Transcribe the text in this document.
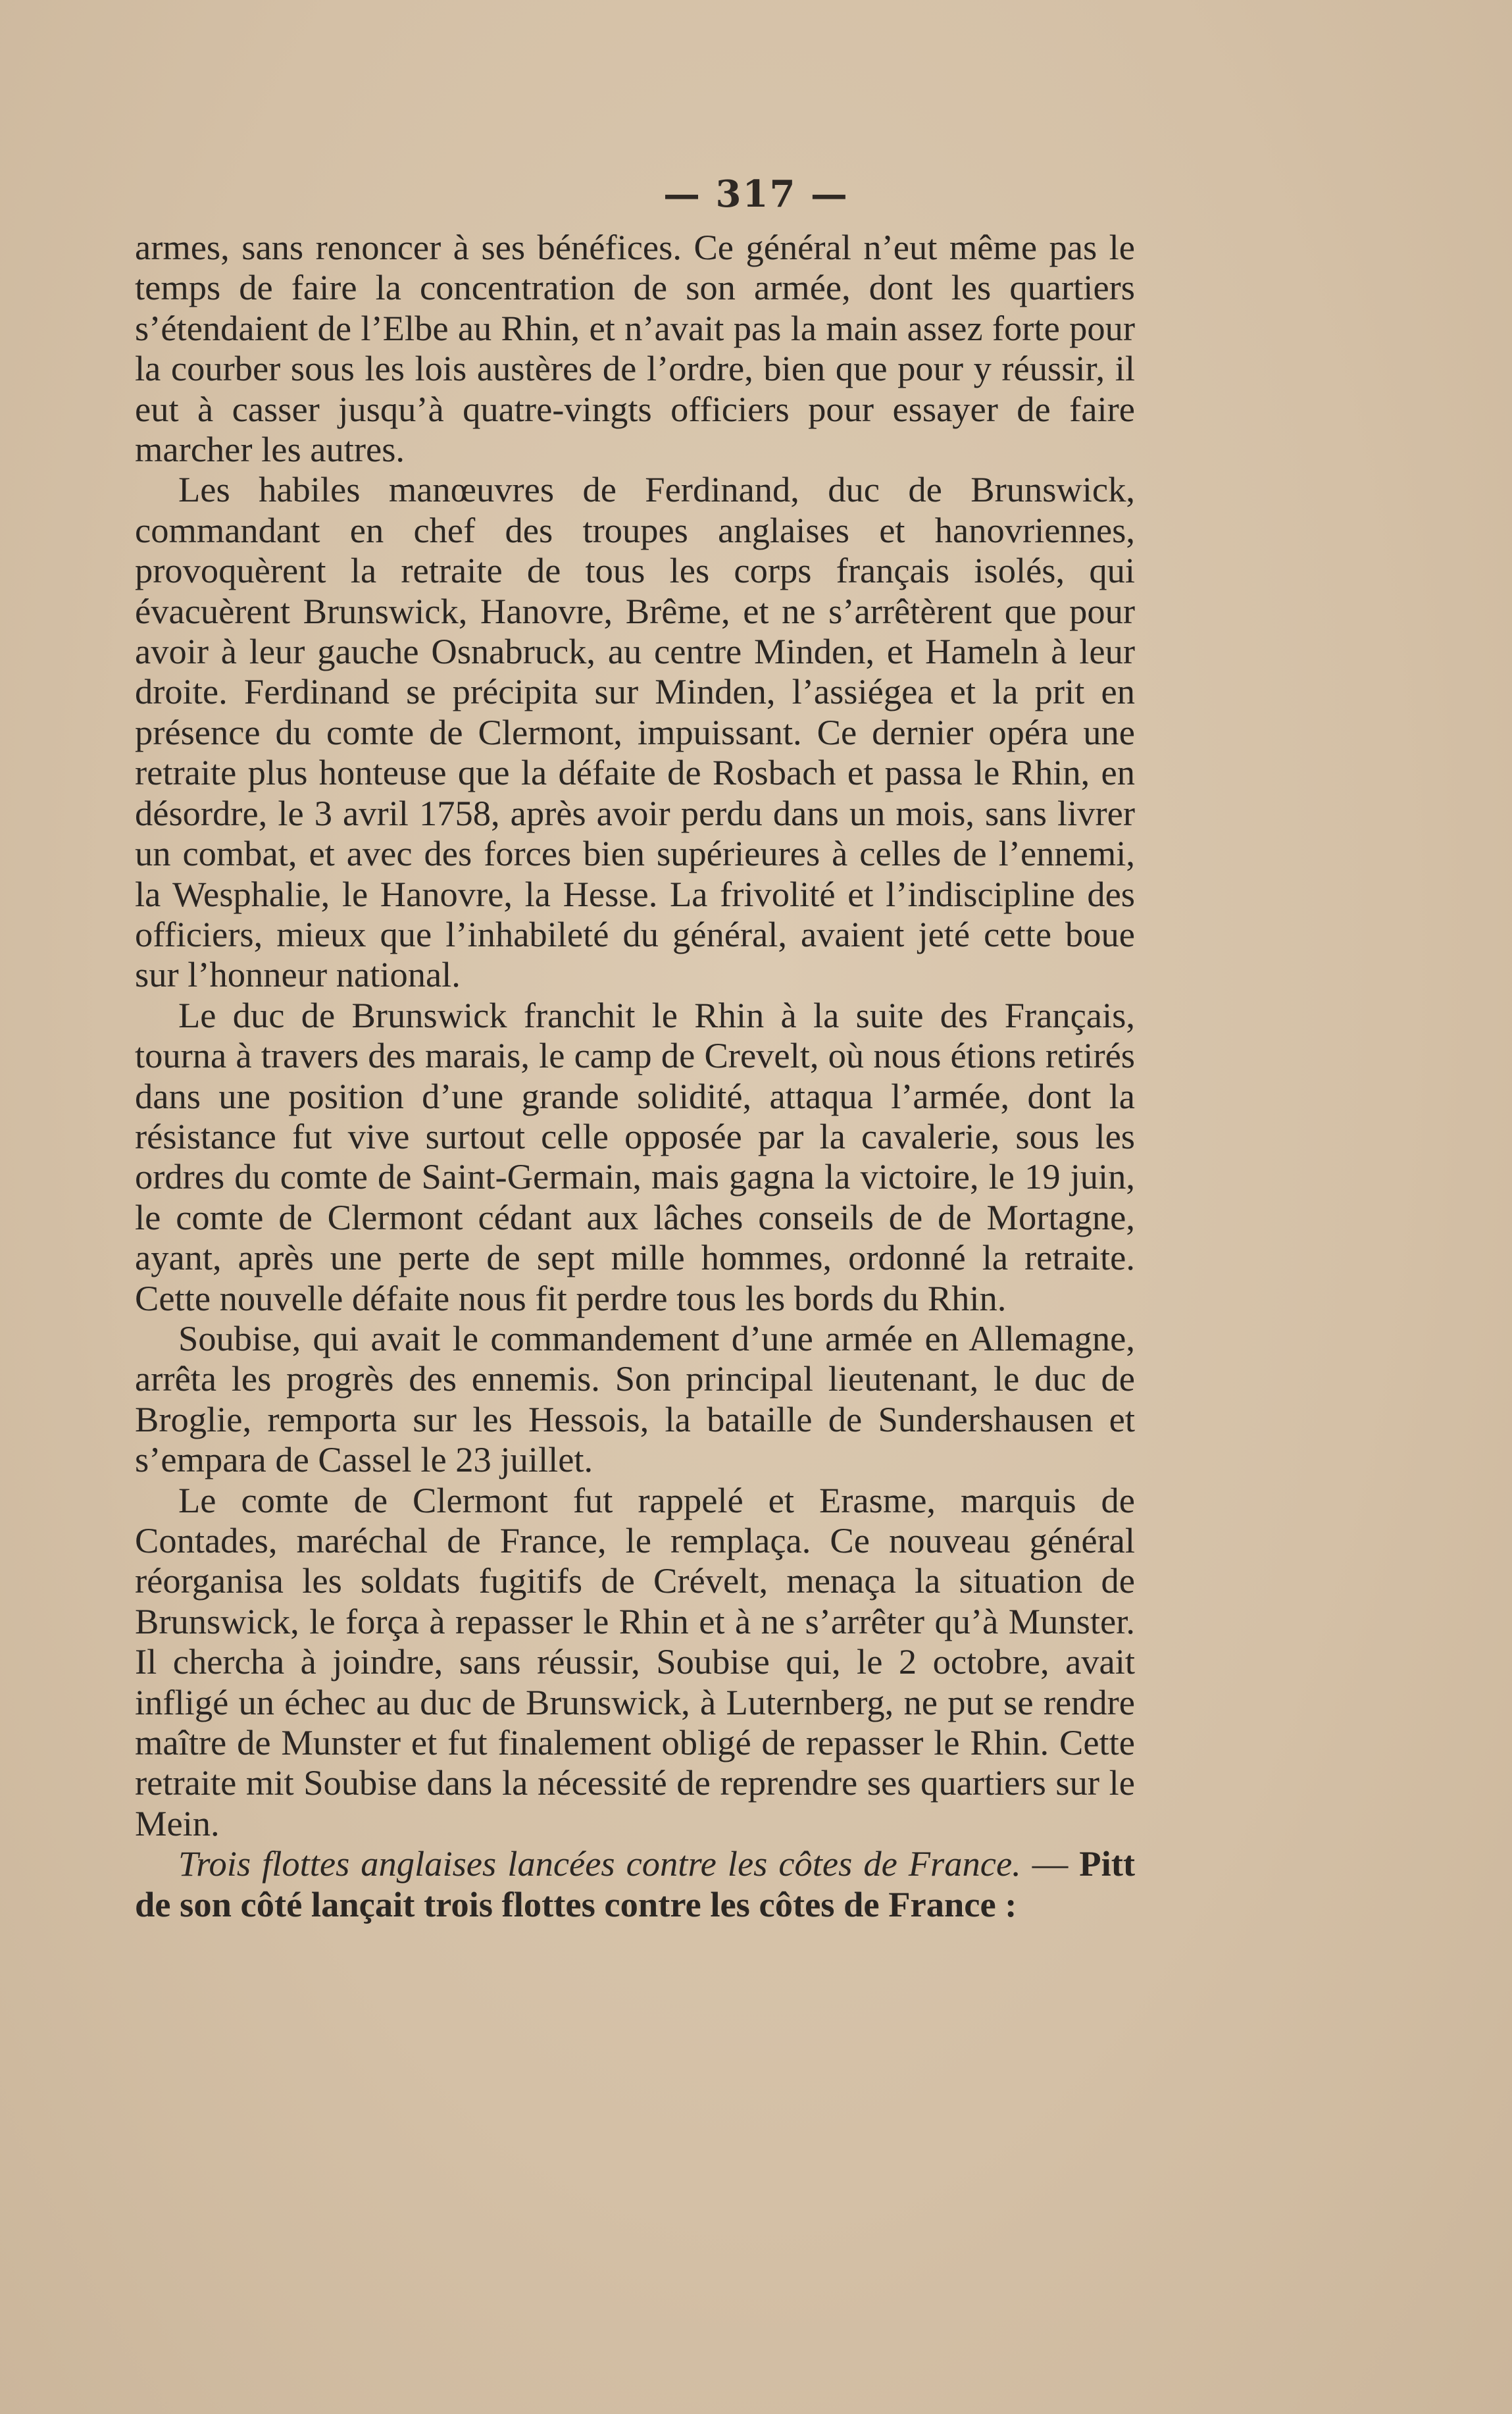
— 317 —

armes, sans renoncer à ses bénéfices. Ce général n’eut même pas le temps de faire la concentration de son armée, dont les quartiers s’étendaient de l’Elbe au Rhin, et n’avait pas la main assez forte pour la courber sous les lois austères de l’ordre, bien que pour y réussir, il eut à casser jusqu’à quatre-vingts officiers pour essayer de faire marcher les autres.

Les habiles manœuvres de Ferdinand, duc de Brunswick, commandant en chef des troupes anglaises et hanovriennes, provoquèrent la retraite de tous les corps français isolés, qui évacuèrent Brunswick, Hanovre, Brême, et ne s’arrêtèrent que pour avoir à leur gauche Osnabruck, au centre Minden, et Hameln à leur droite. Ferdinand se précipita sur Minden, l’assiégea et la prit en présence du comte de Clermont, impuissant. Ce dernier opéra une retraite plus honteuse que la défaite de Rosbach et passa le Rhin, en désordre, le 3 avril 1758, après avoir perdu dans un mois, sans livrer un combat, et avec des forces bien supérieures à celles de l’ennemi, la Wesphalie, le Hanovre, la Hesse. La frivolité et l’indiscipline des officiers, mieux que l’inhabileté du général, avaient jeté cette boue sur l’honneur national.

Le duc de Brunswick franchit le Rhin à la suite des Français, tourna à travers des marais, le camp de Crevelt, où nous étions retirés dans une position d’une grande solidité, attaqua l’armée, dont la résistance fut vive surtout celle opposée par la cavalerie, sous les ordres du comte de Saint-Germain, mais gagna la victoire, le 19 juin, le comte de Clermont cédant aux lâches conseils de de Mortagne, ayant, après une perte de sept mille hommes, ordonné la retraite. Cette nouvelle défaite nous fit perdre tous les bords du Rhin.

Soubise, qui avait le commandement d’une armée en Allemagne, arrêta les progrès des ennemis. Son principal lieutenant, le duc de Broglie, remporta sur les Hessois, la bataille de Sundershausen et s’empara de Cassel le 23 juillet.

Le comte de Clermont fut rappelé et Erasme, marquis de Contades, maréchal de France, le remplaça. Ce nouveau général réorganisa les soldats fugitifs de Crévelt, menaça la situation de Brunswick, le força à repasser le Rhin et à ne s’arrêter qu’à Munster. Il chercha à joindre, sans réussir, Soubise qui, le 2 octobre, avait infligé un échec au duc de Brunswick, à Luternberg, ne put se rendre maître de Munster et fut finalement obligé de repasser le Rhin. Cette retraite mit Soubise dans la nécessité de reprendre ses quartiers sur le Mein.

Trois flottes anglaises lancées contre les côtes de France. — Pitt de son côté lançait trois flottes contre les côtes de France :
